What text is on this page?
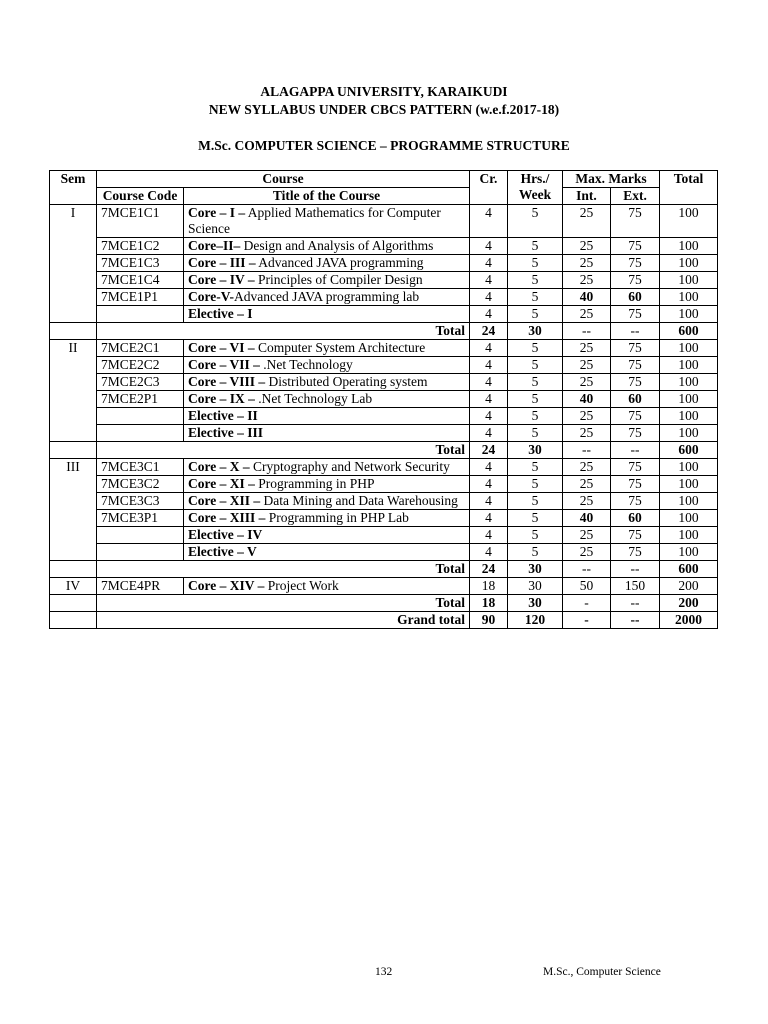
ALAGAPPA UNIVERSITY, KARAIKUDI
NEW SYLLABUS UNDER CBCS PATTERN (w.e.f.2017-18)
M.Sc. COMPUTER SCIENCE – PROGRAMME STRUCTURE
Sem	Course		Cr.	Hrs./ Week	Max. Marks		Total
	Course Code	Title of the Course			Int.	Ext.	
I	7MCE1C1	Core – I – Applied Mathematics for Computer Science	4	5	25	75	100
	7MCE1C2	Core–II– Design and Analysis of Algorithms	4	5	25	75	100
	7MCE1C3	Core – III – Advanced JAVA programming	4	5	25	75	100
	7MCE1C4	Core – IV – Principles of Compiler Design	4	5	25	75	100
	7MCE1P1	Core-V-Advanced JAVA programming lab	4	5	40	60	100
		Elective – I	4	5	25	75	100
	Total		24	30	--	--	600
II	7MCE2C1	Core – VI – Computer System Architecture	4	5	25	75	100
	7MCE2C2	Core – VII – .Net Technology	4	5	25	75	100
	7MCE2C3	Core – VIII – Distributed Operating system	4	5	25	75	100
	7MCE2P1	Core – IX – .Net Technology Lab	4	5	40	60	100
		Elective – II	4	5	25	75	100
		Elective – III	4	5	25	75	100
	Total		24	30	--	--	600
III	7MCE3C1	Core – X – Cryptography and Network Security	4	5	25	75	100
	7MCE3C2	Core – XI – Programming in PHP	4	5	25	75	100
	7MCE3C3	Core – XII – Data Mining and Data Warehousing	4	5	25	75	100
	7MCE3P1	Core – XIII – Programming in PHP Lab	4	5	40	60	100
		Elective – IV	4	5	25	75	100
		Elective – V	4	5	25	75	100
	Total		24	30	--	--	600
IV	7MCE4PR	Core – XIV – Project Work	18	30	50	150	200
	Total		18	30	-	--	200
	Grand total		90	120	-	--	2000
132	M.Sc., Computer Science
